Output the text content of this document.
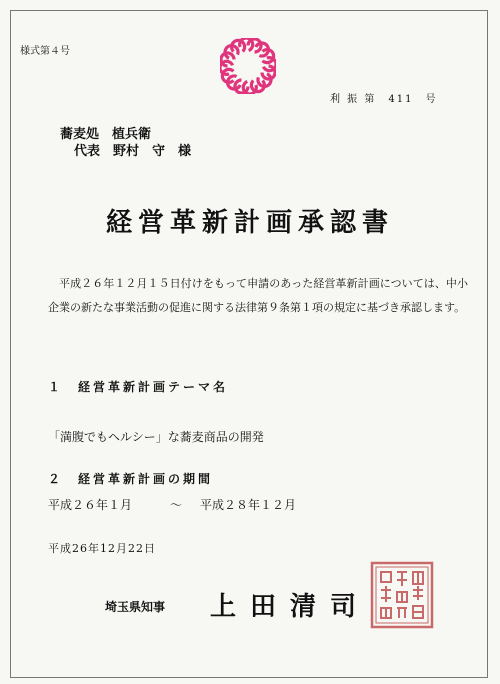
様式第４号
利 振 第　411　号
蕎麦処　植兵衛
代表　野村　守　様
経営革新計画承認書
平成２６年１２月１５日付けをもって申請のあった経営革新計画については、中小企業の新たな事業活動の促進に関する法律第９条第１項の規定に基づき承認します。
１　経営革新計画テーマ名
「満腹でもヘルシー」な蕎麦商品の開発
２　経営革新計画の期間
平成２６年１月	～ 平成２８年１２月
平成26年12月22日
埼玉県知事 上田清司
